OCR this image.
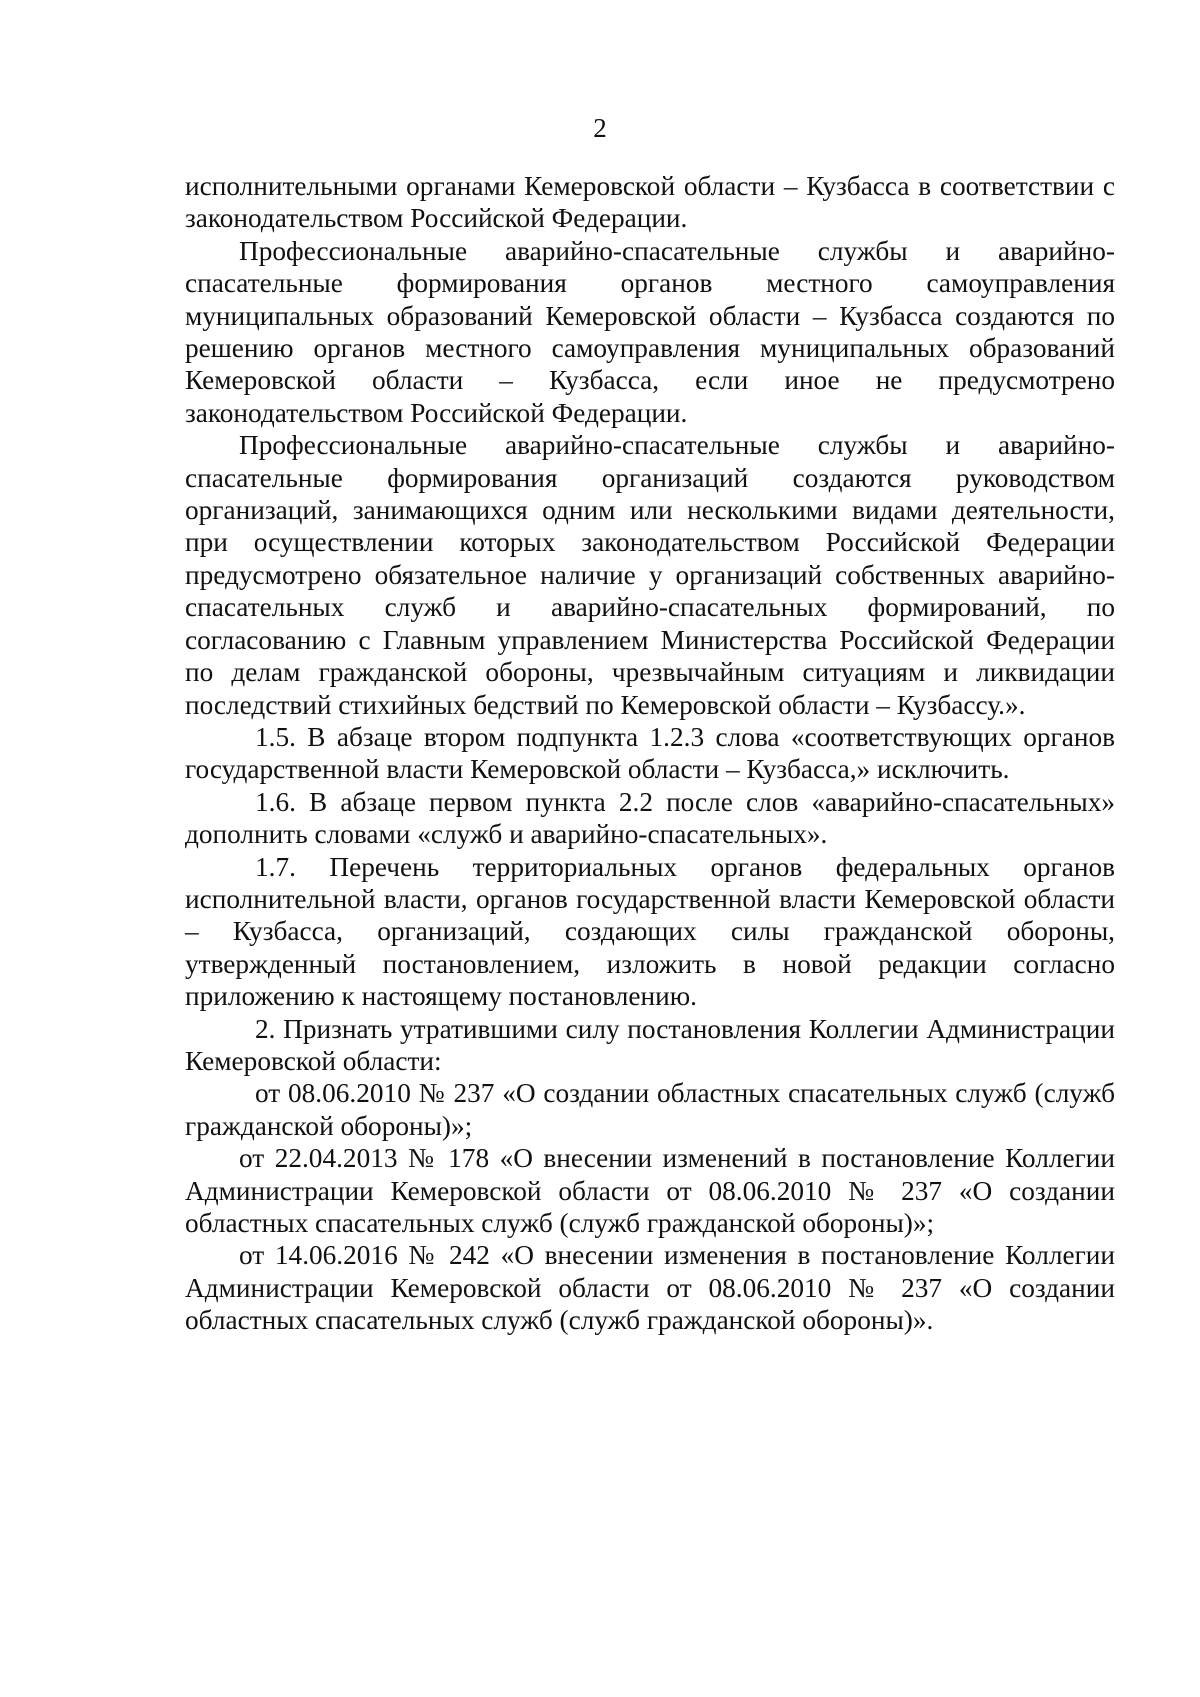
2

исполнительными органами Кемеровской области – Кузбасса в соответствии с законодательством Российской Федерации.

Профессиональные аварийно-спасательные службы и аварийно-спасательные формирования органов местного самоуправления муниципальных образований Кемеровской области – Кузбасса создаются по решению органов местного самоуправления муниципальных образований Кемеровской области – Кузбасса, если иное не предусмотрено законодательством Российской Федерации.

Профессиональные аварийно-спасательные службы и аварийно-спасательные формирования организаций создаются руководством организаций, занимающихся одним или несколькими видами деятельности, при осуществлении которых законодательством Российской Федерации предусмотрено обязательное наличие у организаций собственных аварийно-спасательных служб и аварийно-спасательных формирований, по согласованию с Главным управлением Министерства Российской Федерации по делам гражданской обороны, чрезвычайным ситуациям и ликвидации последствий стихийных бедствий по Кемеровской области – Кузбассу.».

1.5. В абзаце втором подпункта 1.2.3 слова «соответствующих органов государственной власти Кемеровской области – Кузбасса,» исключить.

1.6. В абзаце первом пункта 2.2 после слов «аварийно-спасательных» дополнить словами «служб и аварийно-спасательных».

1.7. Перечень территориальных органов федеральных органов исполнительной власти, органов государственной власти Кемеровской области – Кузбасса, организаций, создающих силы гражданской обороны, утвержденный постановлением, изложить в новой редакции согласно приложению к настоящему постановлению.

2. Признать утратившими силу постановления Коллегии Администрации Кемеровской области:

от 08.06.2010 № 237 «О создании областных спасательных служб (служб гражданской обороны)»;

от 22.04.2013 № 178 «О внесении изменений в постановление Коллегии Администрации Кемеровской области от 08.06.2010 № 237 «О создании областных спасательных служб (служб гражданской обороны)»;

от 14.06.2016 № 242 «О внесении изменения в постановление Коллегии Администрации Кемеровской области от 08.06.2010 № 237 «О создании областных спасательных служб (служб гражданской обороны)».
